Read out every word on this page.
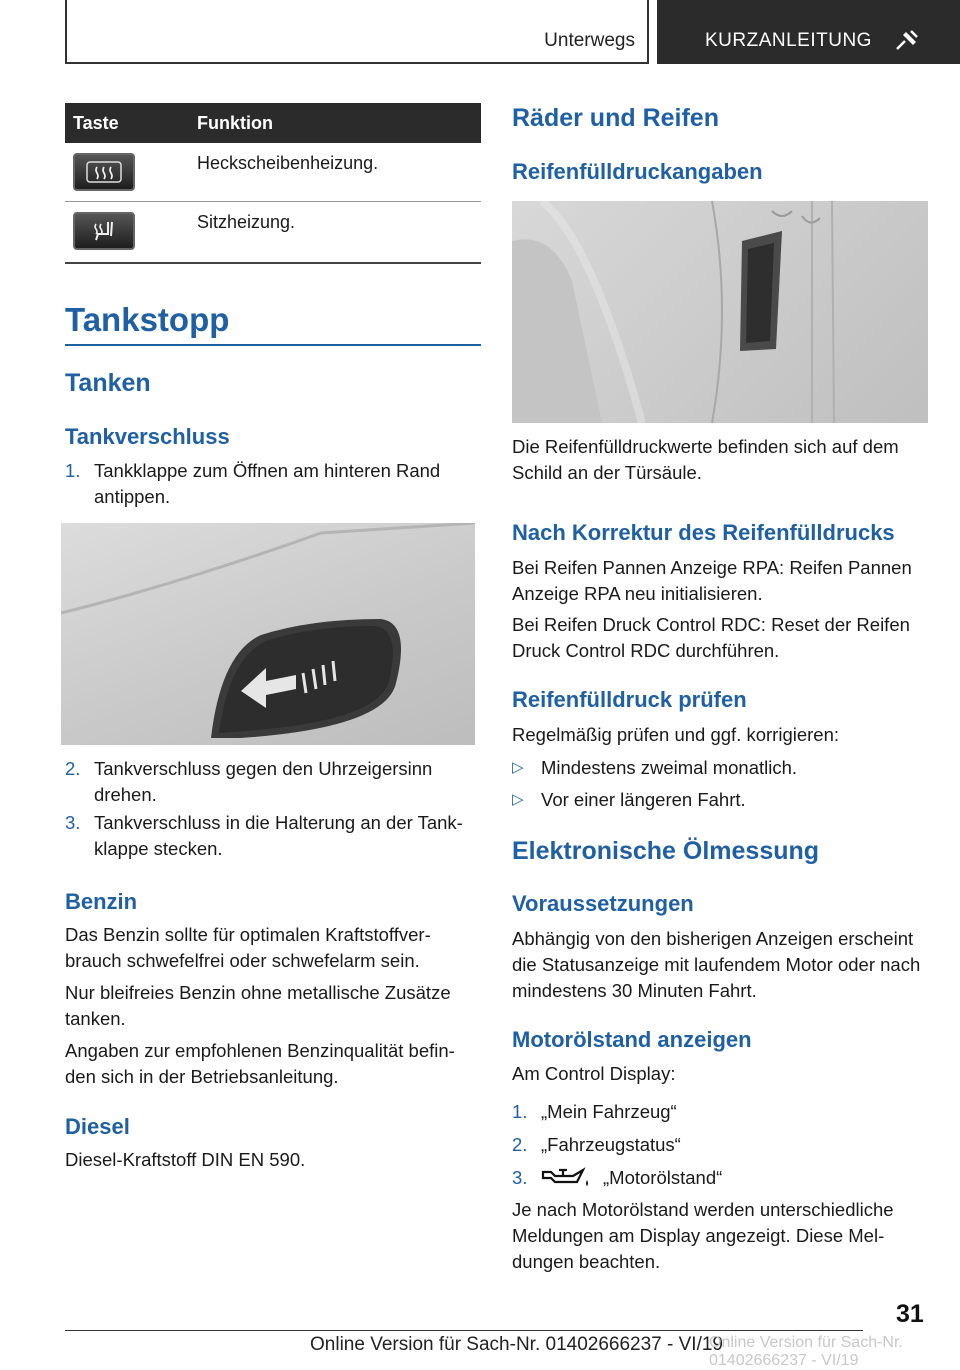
Unterwegs	KURZANLEITUNG
Taste	Funktion

	Heckscheibenheizung.

	Sitzheizung.
Tankstopp
Tanken
Tankverschluss
1. Tankklappe zum Öffnen am hinteren Rand antippen.

2. Tankverschluss gegen den Uhrzeigersinn drehen.

3. Tankverschluss in die Halterung an der Tankklappe stecken.

Benzin

Das Benzin sollte für optimalen Kraftstoffverbrauch schwefelfrei oder schwefelarm sein.

Nur bleifreies Benzin ohne metallische Zusätze tanken.

Angaben zur empfohlenen Benzinqualität befinden sich in der Betriebsanleitung.

Diesel

Diesel-Kraftstoff DIN EN 590.

Räder und Reifen
Reifenfülldruckangaben

Die Reifenfülldruckwerte befinden sich auf dem Schild an der Türsäule.

Nach Korrektur des Reifenfülldrucks

Bei Reifen Pannen Anzeige RPA: Reifen Pannen Anzeige RPA neu initialisieren.

Bei Reifen Druck Control RDC: Reset der Reifen Druck Control RDC durchführen.

Reifenfülldruck prüfen

Regelmäßig prüfen und ggf. korrigieren:

▷ Mindestens zweimal monatlich.

▷ Vor einer längeren Fahrt.

Elektronische Ölmessung
Voraussetzungen

Abhängig von den bisherigen Anzeigen erscheint die Statusanzeige mit laufendem Motor oder nach mindestens 30 Minuten Fahrt.

Motorölstand anzeigen

Am Control Display:

1. „Mein Fahrzeug“

2. „Fahrzeugstatus“

3.	„Motorölstand“

Je nach Motorölstand werden unterschiedliche Meldungen am Display angezeigt. Diese Meldungen beachten.

31
Online Version für Sach-Nr. 01402666237 - VI/19
Online Version für Sach-Nr. 01402666237 - VI/19
